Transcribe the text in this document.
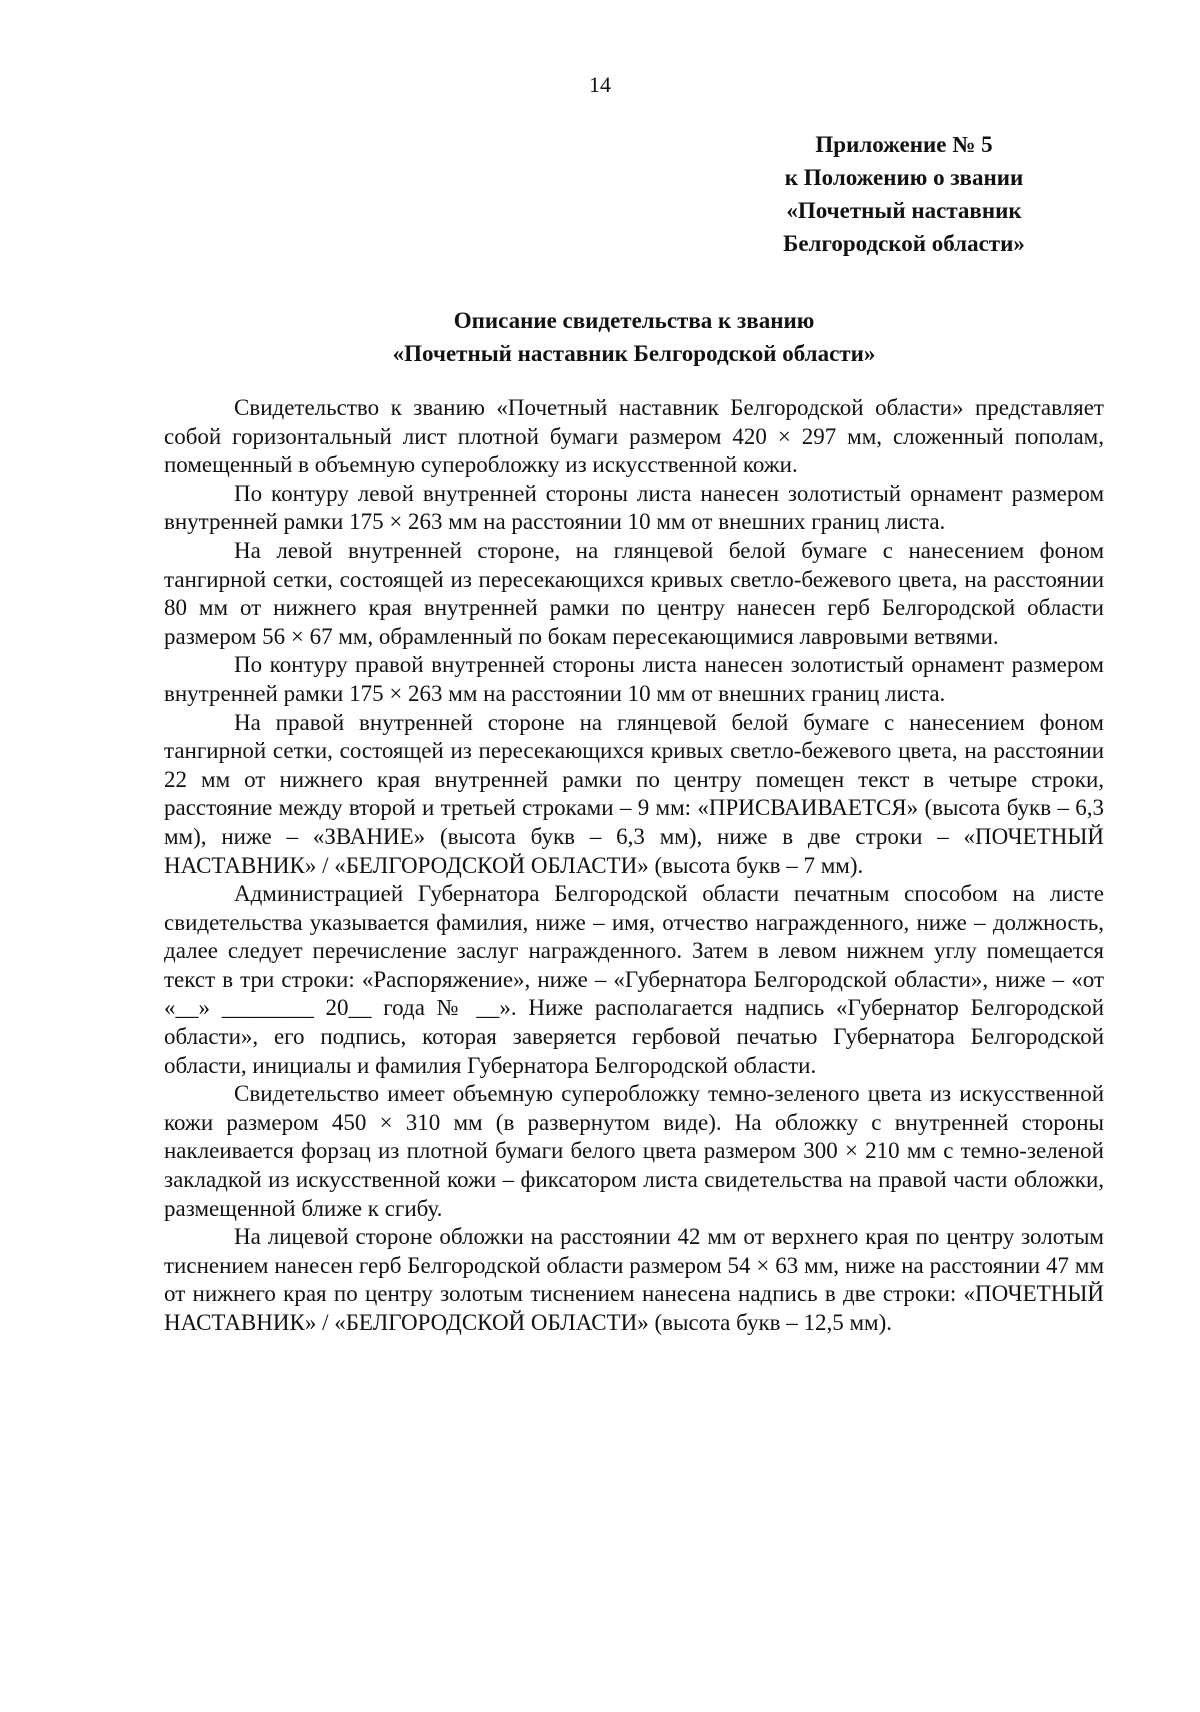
14
Приложение № 5
к Положению о звании
«Почетный наставник
Белгородской области»
Описание свидетельства к званию
«Почетный наставник Белгородской области»

Свидетельство к званию «Почетный наставник Белгородской области» представляет собой горизонтальный лист плотной бумаги размером 420 × 297 мм, сложенный пополам, помещенный в объемную суперобложку из искусственной кожи.

По контуру левой внутренней стороны листа нанесен золотистый орнамент размером внутренней рамки 175 × 263 мм на расстоянии 10 мм от внешних границ листа.

На левой внутренней стороне, на глянцевой белой бумаге с нанесением фоном тангирной сетки, состоящей из пересекающихся кривых светло-бежевого цвета, на расстоянии 80 мм от нижнего края внутренней рамки по центру нанесен герб Белгородской области размером 56 × 67 мм, обрамленный по бокам пересекающимися лавровыми ветвями.

По контуру правой внутренней стороны листа нанесен золотистый орнамент размером внутренней рамки 175 × 263 мм на расстоянии 10 мм от внешних границ листа.

На правой внутренней стороне на глянцевой белой бумаге с нанесением фоном тангирной сетки, состоящей из пересекающихся кривых светло-бежевого цвета, на расстоянии 22 мм от нижнего края внутренней рамки по центру помещен текст в четыре строки, расстояние между второй и третьей строками – 9 мм: «ПРИСВАИВАЕТСЯ» (высота букв – 6,3 мм), ниже – «ЗВАНИЕ» (высота букв – 6,3 мм), ниже в две строки – «ПОЧЕТНЫЙ НАСТАВНИК» / «БЕЛГОРОДСКОЙ ОБЛАСТИ» (высота букв – 7 мм).

Администрацией Губернатора Белгородской области печатным способом на листе свидетельства указывается фамилия, ниже – имя, отчество награжденного, ниже – должность, далее следует перечисление заслуг награжденного. Затем в левом нижнем углу помещается текст в три строки: «Распоряжение», ниже – «Губернатора Белгородской области», ниже – «от «__» ________ 20__ года № __». Ниже располагается надпись «Губернатор Белгородской области», его подпись, которая заверяется гербовой печатью Губернатора Белгородской области, инициалы и фамилия Губернатора Белгородской области.

Свидетельство имеет объемную суперобложку темно-зеленого цвета из искусственной кожи размером 450 × 310 мм (в развернутом виде). На обложку с внутренней стороны наклеивается форзац из плотной бумаги белого цвета размером 300 × 210 мм с темно-зеленой закладкой из искусственной кожи – фиксатором листа свидетельства на правой части обложки, размещенной ближе к сгибу.

На лицевой стороне обложки на расстоянии 42 мм от верхнего края по центру золотым тиснением нанесен герб Белгородской области размером 54 × 63 мм, ниже на расстоянии 47 мм от нижнего края по центру золотым тиснением нанесена надпись в две строки: «ПОЧЕТНЫЙ НАСТАВНИК» / «БЕЛГОРОДСКОЙ ОБЛАСТИ» (высота букв – 12,5 мм).
